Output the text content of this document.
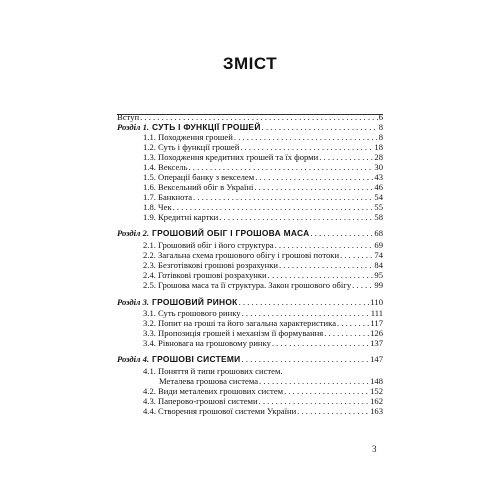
ЗМІСТ
Вступ . . .	6
Розділ 1. СУТЬ І ФУНКЦІЇ ГРОШЕЙ . . .	8
1.1. Походження грошей . . .	8
1.2. Суть і функції грошей . . .	18
1.3. Походження кредитних грошей та їх форми . . .	28
1.4. Вексель . . .	30
1.5. Операції банку з векселем . . .	43
1.6. Вексельний обіг в Україні . . .	46
1.7. Банкнота . . .	54
1.8. Чек . . .	55
1.9. Кредитні картки . . .	58
Розділ 2. ГРОШОВИЙ ОБІГ І ГРОШОВА МАСА . . .	68
2.1. Грошовий обіг і його структура . . .	69
2.2. Загальна схема грошового обігу і грошові потоки . . .	74
2.3. Безготівкові грошові розрахунки . . .	84
2.4. Готівкові грошові розрахунки . . .	95
2.5. Грошова маса та її структура. Закон грошового обігу . . .	99
Розділ 3. ГРОШОВИЙ РИНОК . . .	110
3.1. Суть грошового ринку . . .	111
3.2. Попит на гроші та його загальна характеристика . . .	117
3.3. Пропозиція грошей і механізм її формування . . .	126
3.4. Рівновага на грошовому ринку . . .	137
Розділ 4. ГРОШОВІ СИСТЕМИ . . .	147
4.1. Поняття й типи грошових систем.
Металева грошова система . . .	148
4.2. Види металевих грошових систем . . .	152
4.3. Паперово-грошові системи . . .	162
4.4. Створення грошової системи України . . .	163
3
